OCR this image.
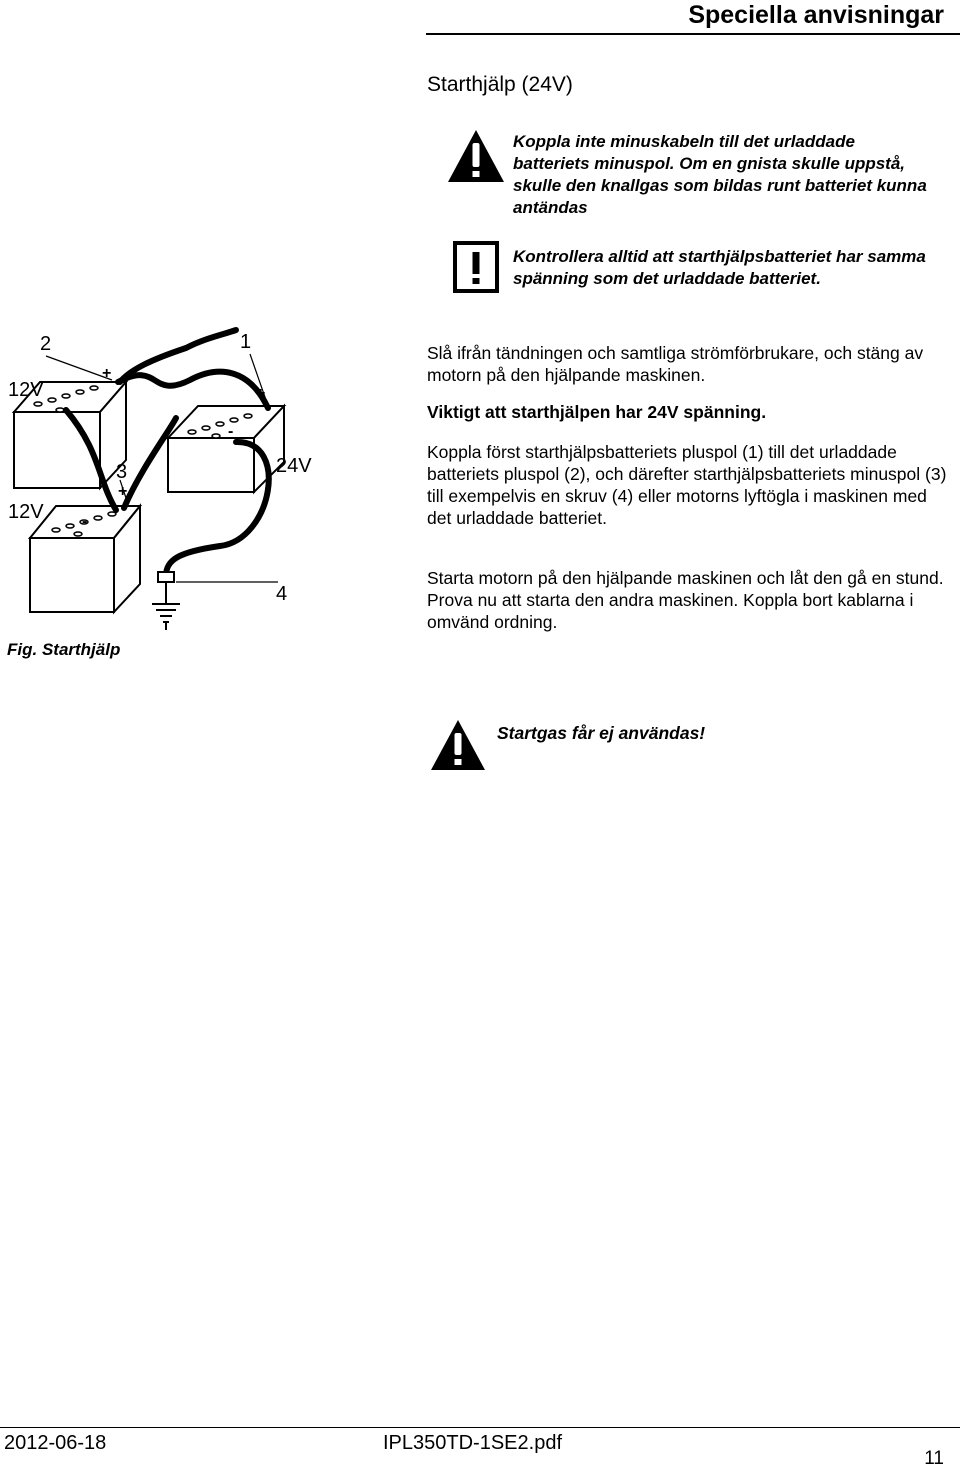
Speciella anvisningar
Starthjälp (24V)
Koppla inte minuskabeln till det urladdade batteriets minuspol. Om en gnista skulle uppstå, skulle den knallgas som bildas runt batteriet kunna antändas
Kontrollera alltid att starthjälpsbatteriet har samma spänning som det urladdade batteriet.
+
+
+
-
-
2	1
12V
3	24V
12V
4
Fig. Starthjälp
Slå ifrån tändningen och samtliga strömförbrukare, och stäng av motorn på den hjälpande maskinen.
Viktigt att starthjälpen har 24V spänning.
Koppla först starthjälpsbatteriets pluspol (1) till det urladdade batteriets pluspol (2), och därefter starthjälpsbatteriets minuspol (3) till exempelvis en skruv (4) eller motorns lyftögla i maskinen med det urladdade batteriet.
Starta motorn på den hjälpande maskinen och låt den gå en stund. Prova nu att starta den andra maskinen. Koppla bort kablarna i omvänd ordning.
Startgas får ej användas!
2012-06-18	IPL350TD-1SE2.pdf
11
